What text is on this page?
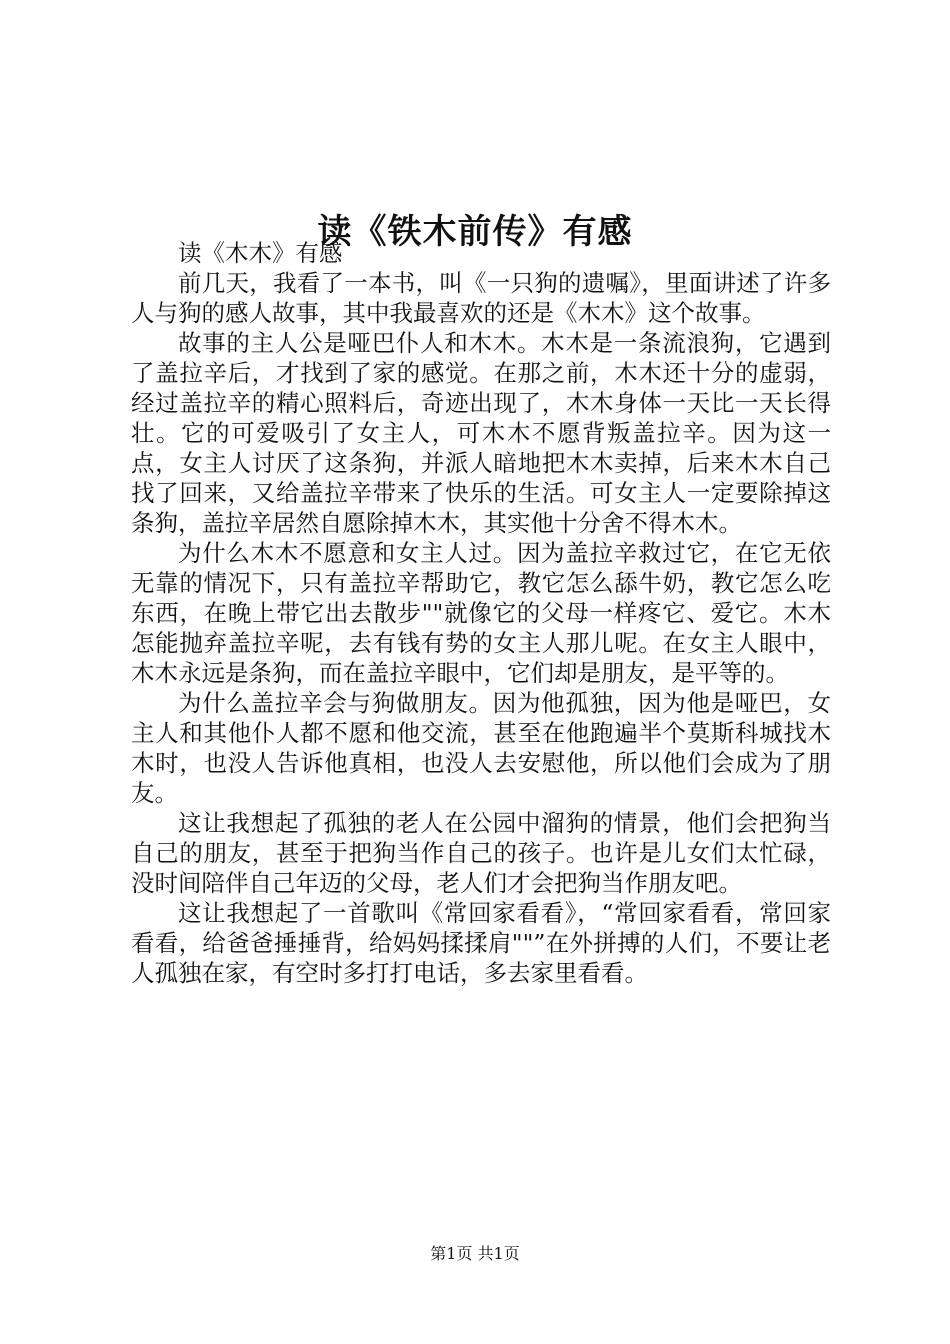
读《铁木前传》有感

读《木木》有感

前几天，我看了一本书，叫《一只狗的遗嘱》，里面讲述了许多人与狗的感人故事，其中我最喜欢的还是《木木》这个故事。

故事的主人公是哑巴仆人和木木。木木是一条流浪狗，它遇到了盖拉辛后，才找到了家的感觉。在那之前，木木还十分的虚弱，经过盖拉辛的精心照料后，奇迹出现了，木木身体一天比一天长得壮。它的可爱吸引了女主人，可木木不愿背叛盖拉辛。因为这一点，女主人讨厌了这条狗，并派人暗地把木木卖掉，后来木木自己找了回来，又给盖拉辛带来了快乐的生活。可女主人一定要除掉这条狗，盖拉辛居然自愿除掉木木，其实他十分舍不得木木。

为什么木木不愿意和女主人过。因为盖拉辛救过它，在它无依无靠的情况下，只有盖拉辛帮助它，教它怎么舔牛奶，教它怎么吃东西，在晚上带它出去散步""就像它的父母一样疼它、爱它。木木怎能抛弃盖拉辛呢，去有钱有势的女主人那儿呢。在女主人眼中，木木永远是条狗，而在盖拉辛眼中，它们却是朋友，是平等的。

为什么盖拉辛会与狗做朋友。因为他孤独，因为他是哑巴，女主人和其他仆人都不愿和他交流，甚至在他跑遍半个莫斯科城找木木时，也没人告诉他真相，也没人去安慰他，所以他们会成为了朋友。

这让我想起了孤独的老人在公园中溜狗的情景，他们会把狗当自己的朋友，甚至于把狗当作自己的孩子。也许是儿女们太忙碌，没时间陪伴自己年迈的父母，老人们才会把狗当作朋友吧。

这让我想起了一首歌叫《常回家看看》，“常回家看看，常回家看看，给爸爸捶捶背，给妈妈揉揉肩""”在外拼搏的人们，不要让老人孤独在家，有空时多打打电话，多去家里看看。

第1页 共1页
